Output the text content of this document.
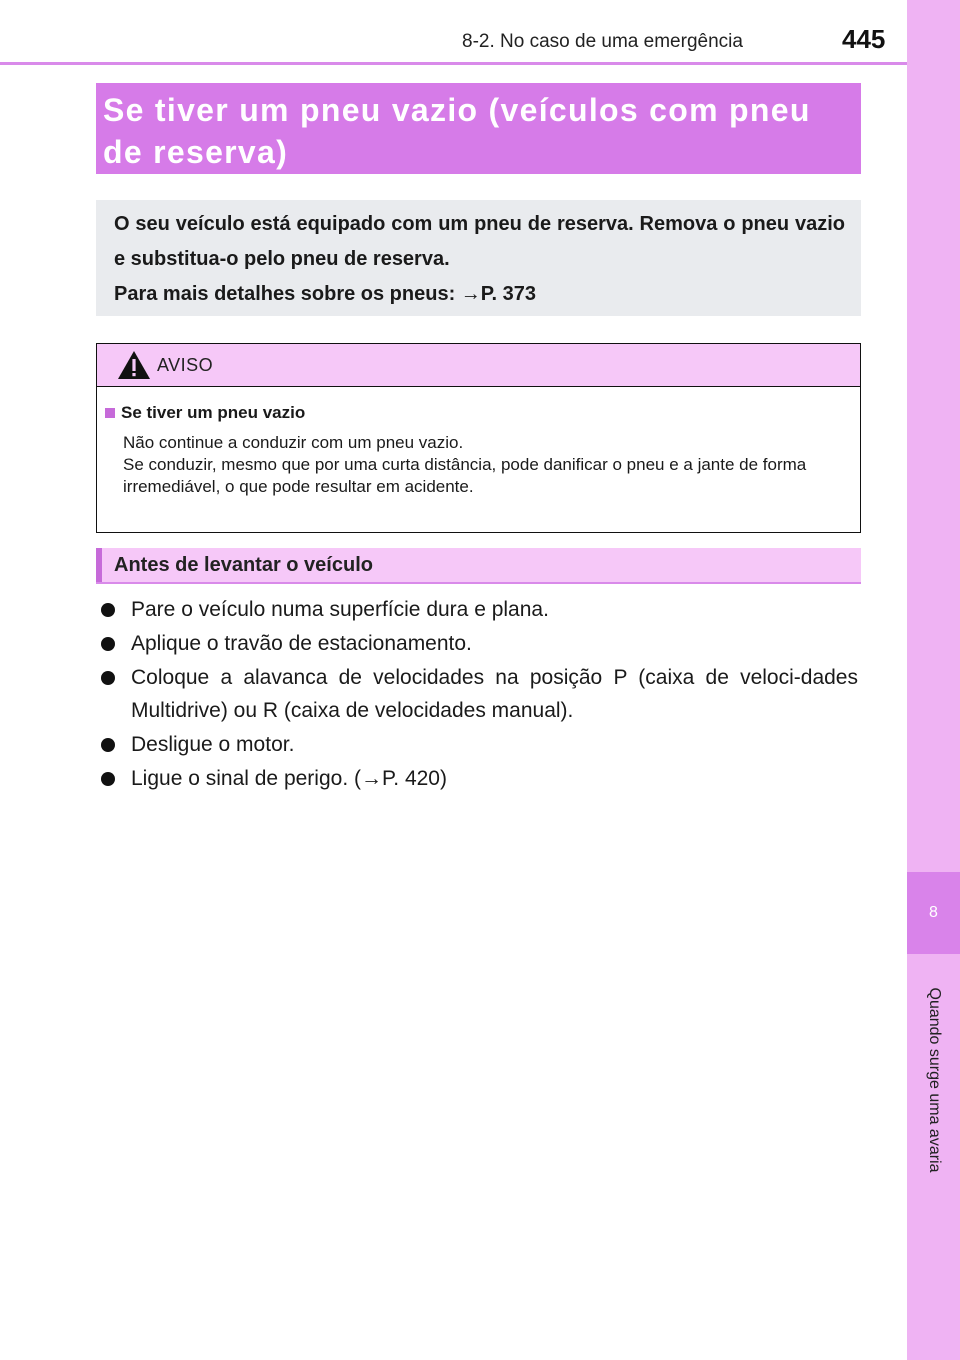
8
Quando surge uma avaria
8-2. No caso de uma emergência	445
Se tiver um pneu vazio (veículos com pneu de reserva)

O seu veículo está equipado com um pneu de reserva. Remova o pneu vazio e substitua-o pelo pneu de reserva.

Para mais detalhes sobre os pneus: →P. 373

AVISO
Se tiver um pneu vazio
Não continue a conduzir com um pneu vazio.
Se conduzir, mesmo que por uma curta distância, pode danificar o pneu e a jante de forma irremediável, o que pode resultar em acidente.
Antes de levantar o veículo
Pare o veículo numa superfície dura e plana.
Aplique o travão de estacionamento.
Coloque a alavanca de velocidades na posição P (caixa de veloci-dades Multidrive) ou R (caixa de velocidades manual).
Desligue o motor.
Ligue o sinal de perigo. (→P. 420)
